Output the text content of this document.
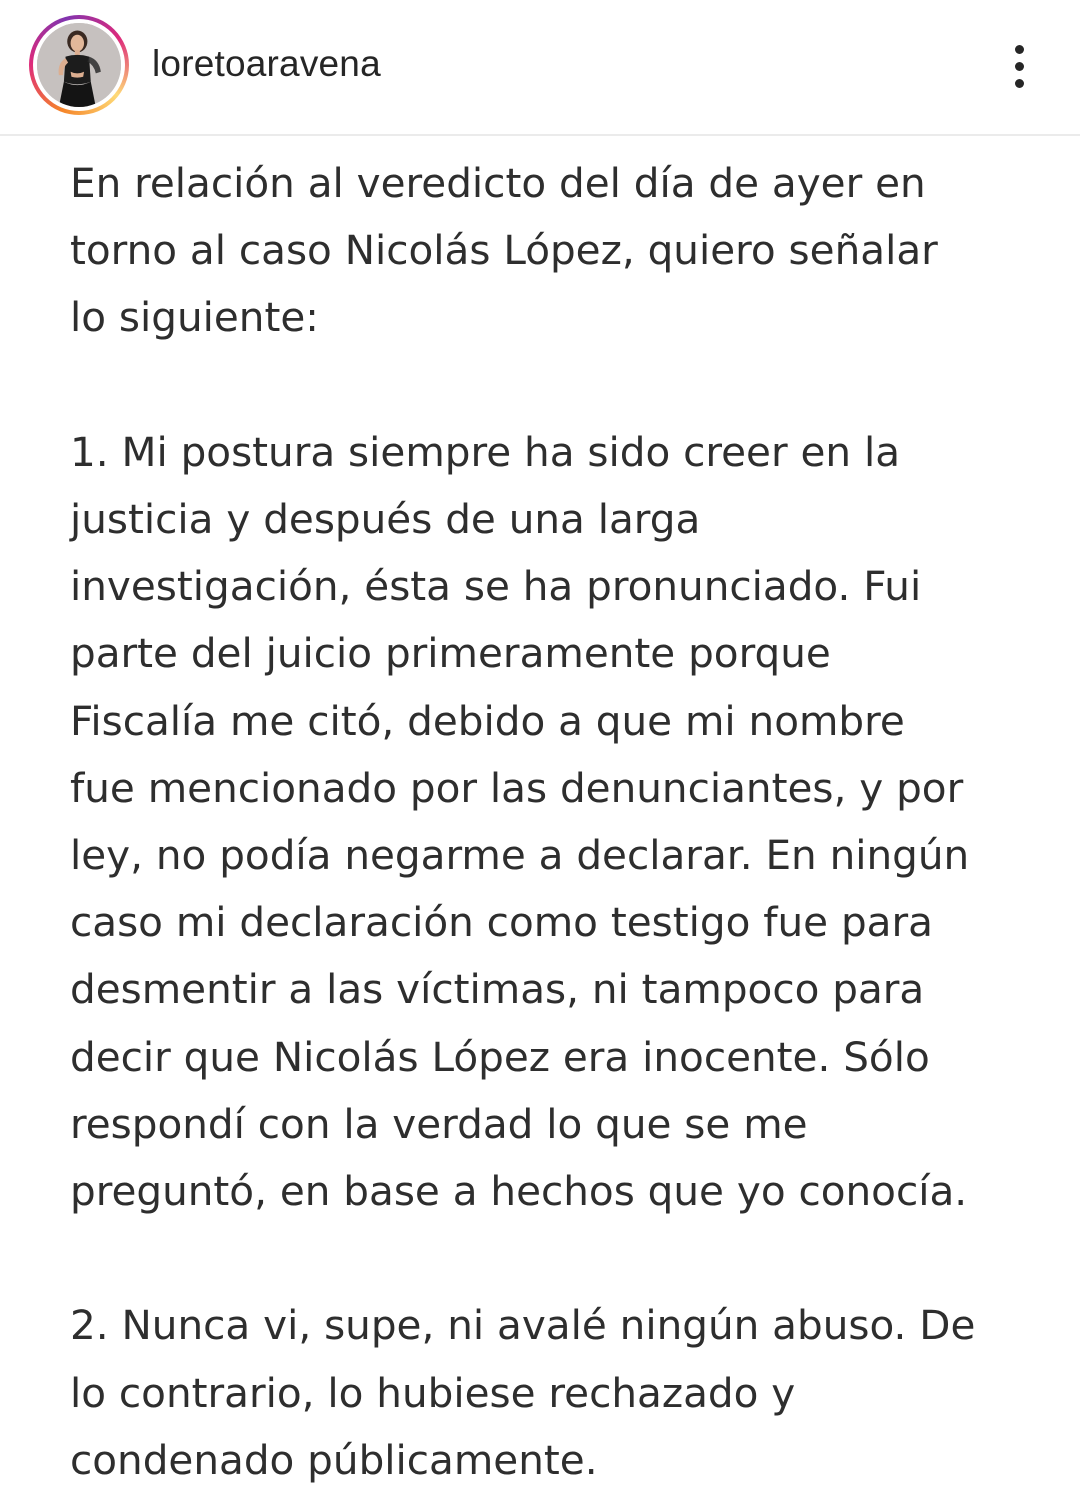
loretoaravena
En relación al veredicto del día de ayer en
torno al caso Nicolás López, quiero señalar
lo siguiente:
1. Mi postura siempre ha sido creer en la
justicia y después de una larga
investigación, ésta se ha pronunciado. Fui
parte del juicio primeramente porque
Fiscalía me citó, debido a que mi nombre
fue mencionado por las denunciantes, y por
ley, no podía negarme a declarar. En ningún
caso mi declaración como testigo fue para
desmentir a las víctimas, ni tampoco para
decir que Nicolás López era inocente. Sólo
respondí con la verdad lo que se me
preguntó, en base a hechos que yo conocía.
2. Nunca vi, supe, ni avalé ningún abuso. De
lo contrario, lo hubiese rechazado y
condenado públicamente.
